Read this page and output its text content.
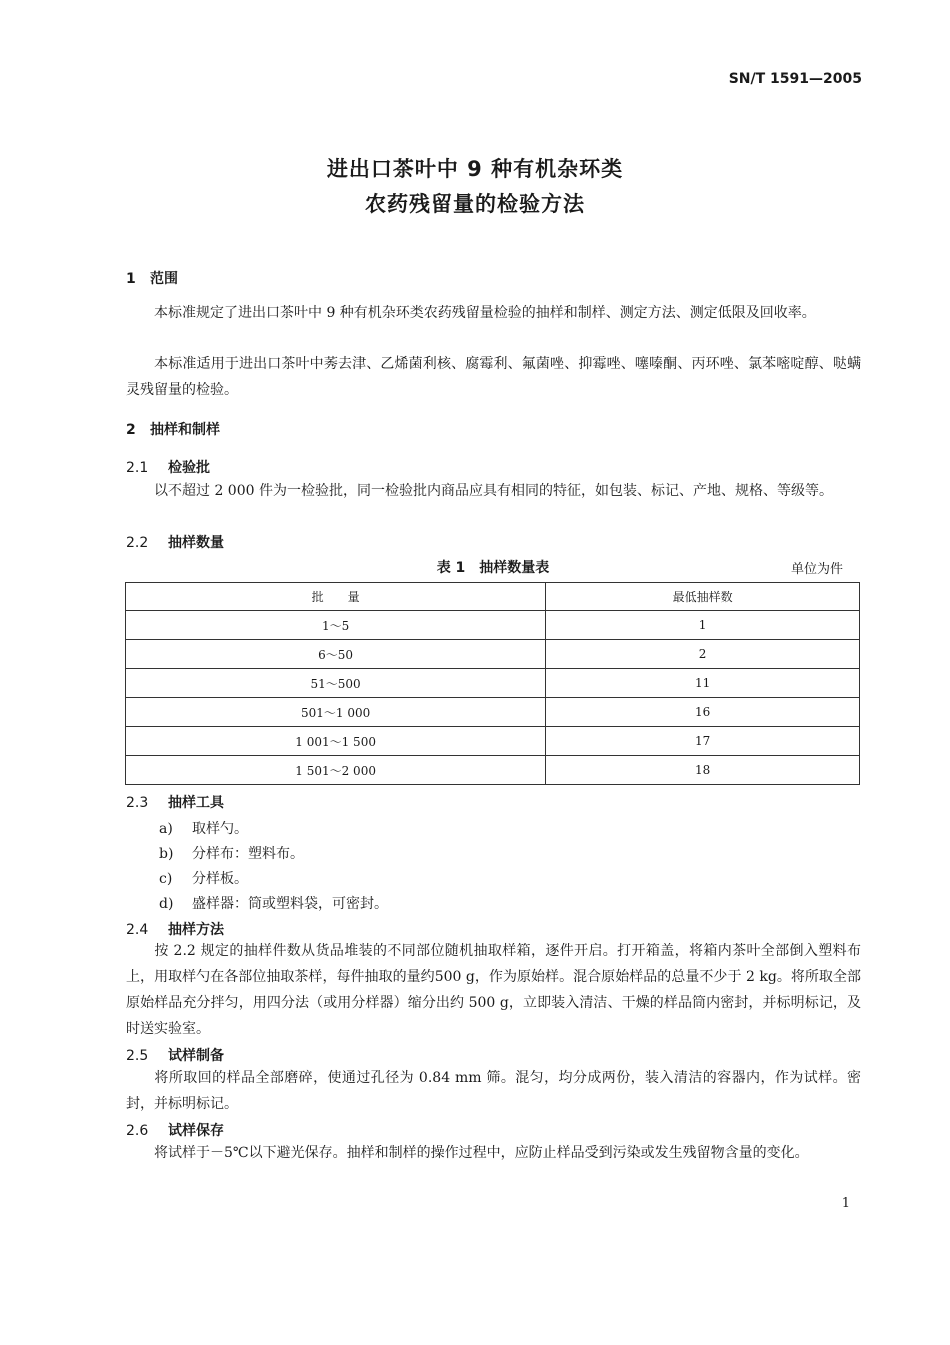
SN/T 1591—2005
进出口茶叶中 9 种有机杂环类
农药残留量的检验方法
1 范围
本标准规定了进出口茶叶中 9 种有机杂环类农药残留量检验的抽样和制样、测定方法、测定低限及回收率。
本标准适用于进出口茶叶中莠去津、乙烯菌利核、腐霉利、氟菌唑、抑霉唑、噻嗪酮、丙环唑、氯苯嘧啶醇、哒螨灵残留量的检验。
2 抽样和制样
2.1 检验批
以不超过 2 000 件为一检验批，同一检验批内商品应具有相同的特征，如包装、标记、产地、规格、等级等。
2.2 抽样数量
表 1　抽样数量表	单位为件
批　　量	最低抽样数
1～5	1
6～50	2
51～500	11
501～1 000	16
1 001～1 500	17
1 501～2 000	18
2.3 抽样工具
a) 取样勺。
b) 分样布：塑料布。
c) 分样板。
d) 盛样器：筒或塑料袋，可密封。
2.4 抽样方法
按 2.2 规定的抽样件数从货品堆装的不同部位随机抽取样箱，逐件开启。打开箱盖，将箱内茶叶全部倒入塑料布上，用取样勺在各部位抽取茶样，每件抽取的量约500 g，作为原始样。混合原始样品的总量不少于 2 kg。将所取全部原始样品充分拌匀，用四分法（或用分样器）缩分出约 500 g，立即装入清洁、干燥的样品筒内密封，并标明标记，及时送实验室。
2.5 试样制备
将所取回的样品全部磨碎，使通过孔径为 0.84 mm 筛。混匀，均分成两份，装入清洁的容器内，作为试样。密封，并标明标记。
2.6 试样保存
将试样于－5℃以下避光保存。抽样和制样的操作过程中，应防止样品受到污染或发生残留物含量的变化。
1
